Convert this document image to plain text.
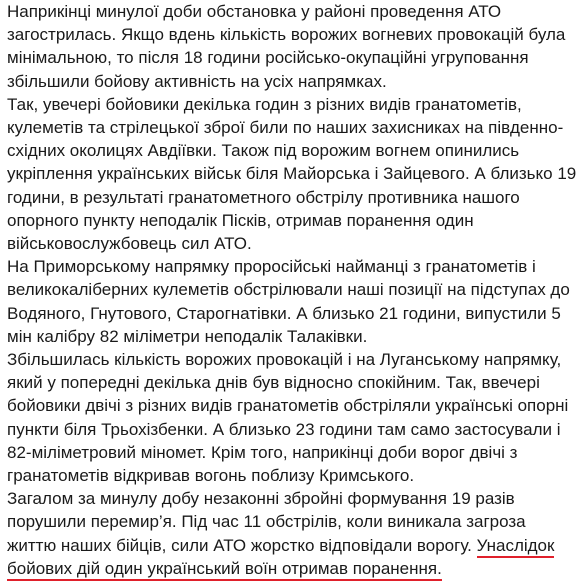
Наприкінці минулої доби обстановка у районі проведення АТО загострилась. Якщо вдень кількість ворожих вогневих провокацій була мінімальною, то після 18 години російсько-окупаційні угруповання збільшили бойову активність на усіх напрямках.

Так, увечері бойовики декілька годин з різних видів гранатометів, кулеметів та стрілецької зброї били по наших захисниках на південно-східних околицях Авдіївки. Також під ворожим вогнем опинились укріплення українських військ біля Майорська і Зайцевого. А близько 19 години, в результаті гранатометного обстрілу противника нашого опорного пункту неподалік Пісків, отримав поранення один військовослужбовець сил АТО.

На Приморському напрямку проросійські найманці з гранатометів і великокаліберних кулеметів обстрілювали наші позиції на підступах до Водяного, Гнутового, Старогнатівки. А близько 21 години, випустили 5 мін калібру 82 міліметри неподалік Талаківки.

Збільшилась кількість ворожих провокацій і на Луганському напрямку, який у попередні декілька днів був відносно спокійним. Так, ввечері бойовики двічі з різних видів гранатометів обстріляли українські опорні пункти біля Трьохізбенки. А близько 23 години там само застосували і 82-міліметровий міномет. Крім того, наприкінці доби ворог двічі з гранатометів відкривав вогонь поблизу Кримського.

Загалом за минулу добу незаконні збройні формування 19 разів порушили перемир’я. Під час 11 обстрілів, коли виникала загроза життю наших бійців, сили АТО жорстко відповідали ворогу. Унаслідок бойових дій один український воїн отримав поранення.
